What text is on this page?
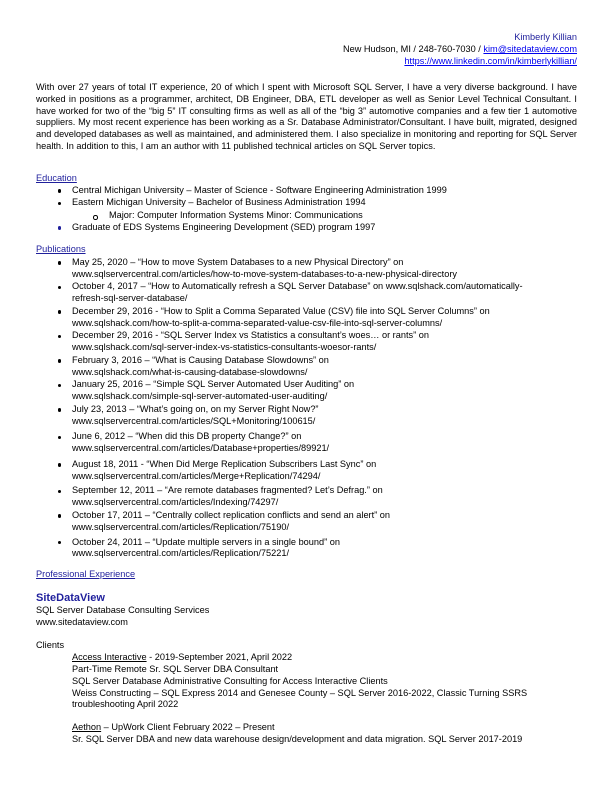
Kimberly Killian
New Hudson, MI / 248-760-7030 / kim@sitedataview.com
https://www.linkedin.com/in/kimberlykillian/
With over 27 years of total IT experience, 20 of which I spent with Microsoft SQL Server, I have a very diverse background. I have worked in positions as a programmer, architect, DB Engineer, DBA, ETL developer as well as Senior Level Technical Consultant. I have worked for two of the “big 5” IT consulting firms as well as all of the “big 3” automotive companies and a few tier 1 automotive suppliers. My most recent experience has been working as a Sr. Database Administrator/Consultant. I have built, migrated, designed and developed databases as well as maintained, and administered them. I also specialize in monitoring and reporting for SQL Server health. In addition to this, I am an author with 11 published technical articles on SQL Server topics.
Education
Central Michigan University – Master of Science - Software Engineering Administration 1999
Eastern Michigan University – Bachelor of Business Administration 1994
Major: Computer Information Systems Minor: Communications
Graduate of EDS Systems Engineering Development (SED) program 1997
Publications
May 25, 2020 – “How to move System Databases to a new Physical Directory” on
www.sqlservercentral.com/articles/how-to-move-system-databases-to-a-new-physical-directory
October 4, 2017 – “How to Automatically refresh a SQL Server Database” on www.sqlshack.com/automatically-
refresh-sql-server-database/
December 29, 2016 - “How to Split a Comma Separated Value (CSV) file into SQL Server Columns” on
www.sqlshack.com/how-to-split-a-comma-separated-value-csv-file-into-sql-server-columns/
December 29, 2016 - “SQL Server Index vs Statistics a consultant’s woes… or rants” on
www.sqlshack.com/sql-server-index-vs-statistics-consultants-woesor-rants/
February 3, 2016 – “What is Causing Database Slowdowns” on
www.sqlshack.com/what-is-causing-database-slowdowns/
January 25, 2016 – “Simple SQL Server Automated User Auditing” on
www.sqlshack.com/simple-sql-server-automated-user-auditing/
July 23, 2013 – “What’s going on, on my Server Right Now?”
www.sqlservercentral.com/articles/SQL+Monitoring/100615/
June 6, 2012 – “When did this DB property Change?” on
www.sqlservercentral.com/articles/Database+properties/89921/
August 18, 2011 - “When Did Merge Replication Subscribers Last Sync” on
www.sqlservercentral.com/articles/Merge+Replication/74294/
September 12, 2011 – “Are remote databases fragmented? Let’s Defrag.” on
www.sqlservercentral.com/articles/Indexing/74297/
October 17, 2011 – “Centrally collect replication conflicts and send an alert” on
www.sqlservercentral.com/articles/Replication/75190/
October 24, 2011 – “Update multiple servers in a single bound” on
www.sqlservercentral.com/articles/Replication/75221/
Professional Experience
SiteDataView
SQL Server Database Consulting Services
www.sitedataview.com
Clients
Access Interactive - 2019-September 2021, April 2022
Part-Time Remote Sr. SQL Server DBA Consultant
SQL Server Database Administrative Consulting for Access Interactive Clients
Weiss Constructing – SQL Express 2014 and Genesee County – SQL Server 2016-2022, Classic Turning SSRS troubleshooting April 2022
Aethon – UpWork Client February 2022 – Present
Sr. SQL Server DBA and new data warehouse design/development and data migration. SQL Server 2017-2019
